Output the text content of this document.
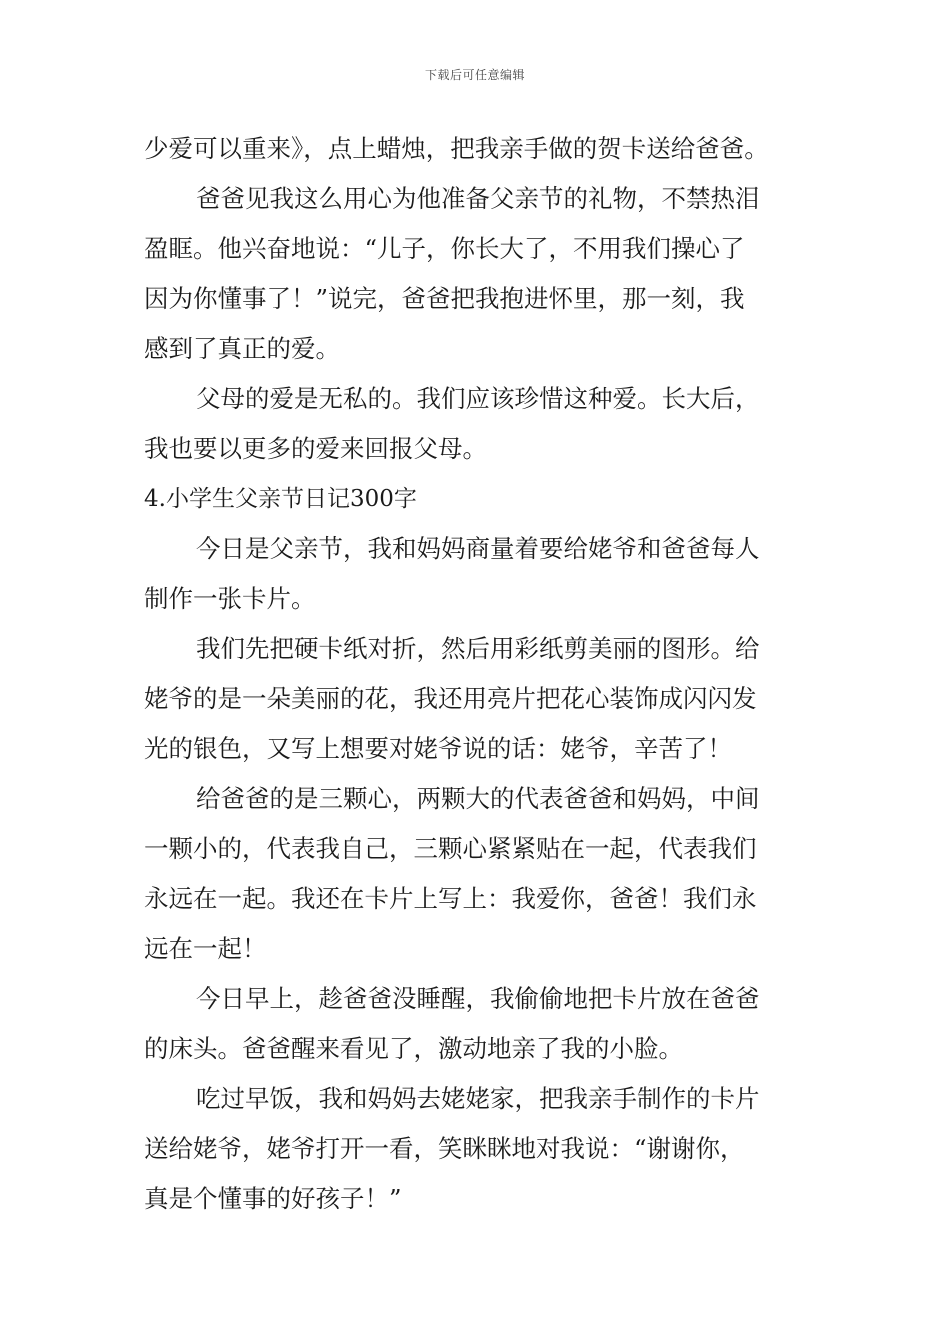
下载后可任意编辑
少爱可以重来》，点上蜡烛，把我亲手做的贺卡送给爸爸。
爸爸见我这么用心为他准备父亲节的礼物，不禁热泪
盈眶。他兴奋地说：“儿子，你长大了，不用我们操心了
因为你懂事了！”说完，爸爸把我抱进怀里，那一刻，我
感到了真正的爱。
父母的爱是无私的。我们应该珍惜这种爱。长大后，
我也要以更多的爱来回报父母。
4.小学生父亲节日记300字
今日是父亲节，我和妈妈商量着要给姥爷和爸爸每人
制作一张卡片。
我们先把硬卡纸对折，然后用彩纸剪美丽的图形。给
姥爷的是一朵美丽的花，我还用亮片把花心装饰成闪闪发
光的银色，又写上想要对姥爷说的话：姥爷，辛苦了！
给爸爸的是三颗心，两颗大的代表爸爸和妈妈，中间
一颗小的，代表我自己，三颗心紧紧贴在一起，代表我们
永远在一起。我还在卡片上写上：我爱你，爸爸！我们永
远在一起！
今日早上，趁爸爸没睡醒，我偷偷地把卡片放在爸爸
的床头。爸爸醒来看见了，激动地亲了我的小脸。
吃过早饭，我和妈妈去姥姥家，把我亲手制作的卡片
送给姥爷，姥爷打开一看，笑眯眯地对我说：“谢谢你，
真是个懂事的好孩子！”
